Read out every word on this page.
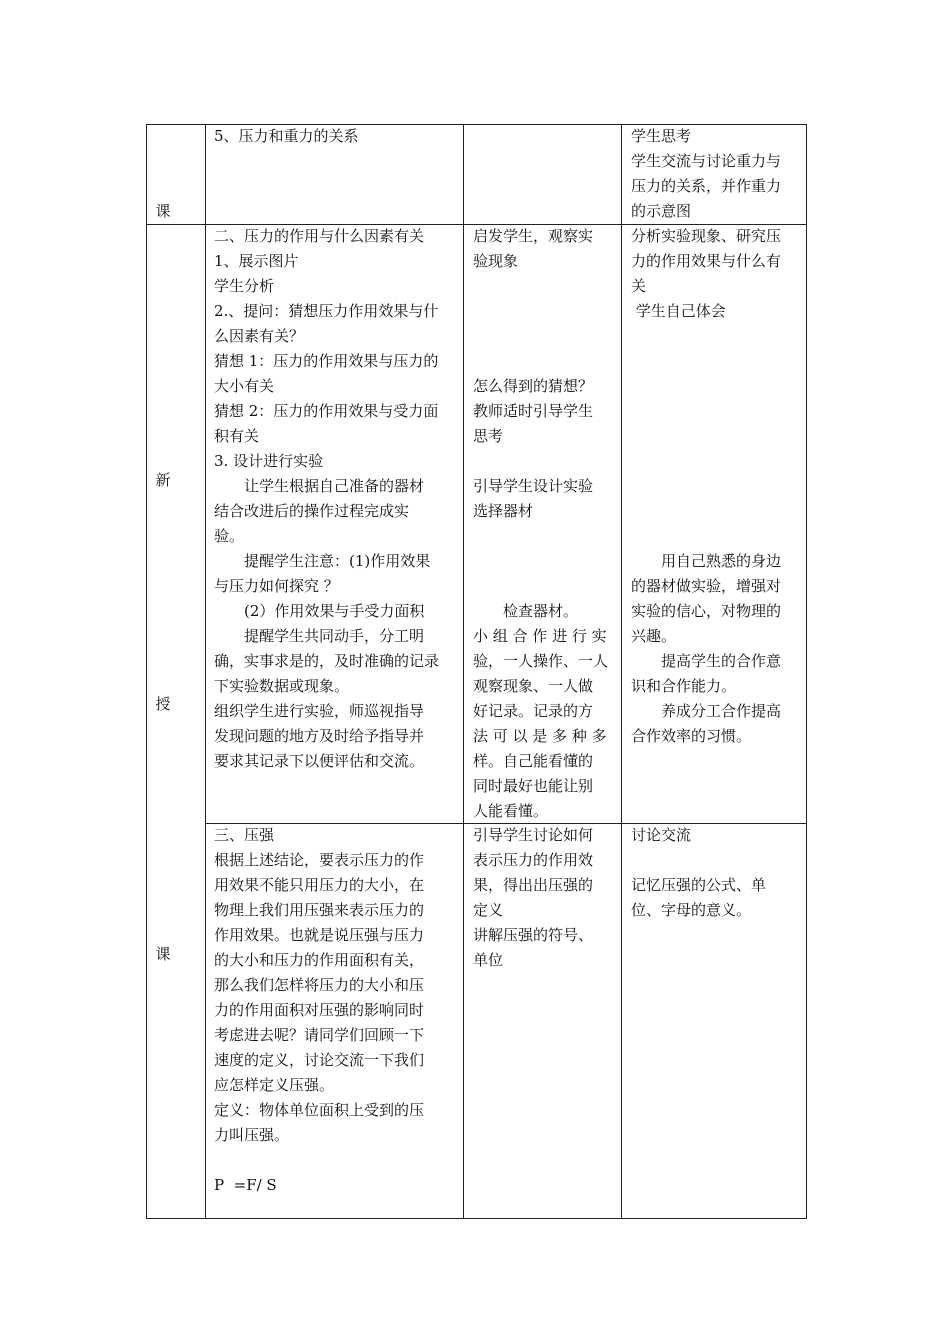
课
新
授
课

5、压力和重力的关系	学生思考

学生交流与讨论重力与

压力的关系，并作重力

的示意图

二、压力的作用与什么因素有关

1、展示图片

学生分析

2.、提问：猜想压力作用效果与什

么因素有关？

猜想 1：压力的作用效果与压力的

大小有关

猜想 2：压力的作用效果与受力面

积有关

3. 设计进行实验

　　让学生根据自己准备的器材

结合改进后的操作过程完成实

验。

　　提醒学生注意：(1)作用效果

与压力如何探究 ？

　　(2）作用效果与手受力面积

　　提醒学生共同动手，分工明

确，实事求是的，及时准确的记录

下实验数据或现象。

组织学生进行实验，师巡视指导

发现问题的地方及时给予指导并

要求其记录下以便评估和交流。

启发学生，观察实

验现象

怎么得到的猜想？

教师适时引导学生

思考

引导学生设计实验

选择器材

　　检查器材。

小 组 合 作 进 行 实

验，一人操作、一人

观察现象、一人做

好记录。记录的方

法 可 以 是 多 种 多

样。自己能看懂的

同时最好也能让别

人能看懂。

分析实验现象、研究压

力的作用效果与什么有

关

学生自己体会

　　用自己熟悉的身边

的器材做实验，增强对

实验的信心，对物理的

兴趣。

　　提高学生的合作意

识和合作能力。

　　养成分工合作提高

合作效率的习惯。

三、压强

根据上述结论，要表示压力的作

用效果不能只用压力的大小，在

物理上我们用压强来表示压力的

作用效果。也就是说压强与压力

的大小和压力的作用面积有关，

那么我们怎样将压力的大小和压

力的作用面积对压强的影响同时

考虑进去呢？请同学们回顾一下

速度的定义，讨论交流一下我们

应怎样定义压强。

定义：物体单位面积上受到的压

力叫压强。

P  =F/ S

引导学生讨论如何

表示压力的作用效

果，得出出压强的

定义

讲解压强的符号、

单位

讨论交流

记忆压强的公式、单

位、字母的意义。
